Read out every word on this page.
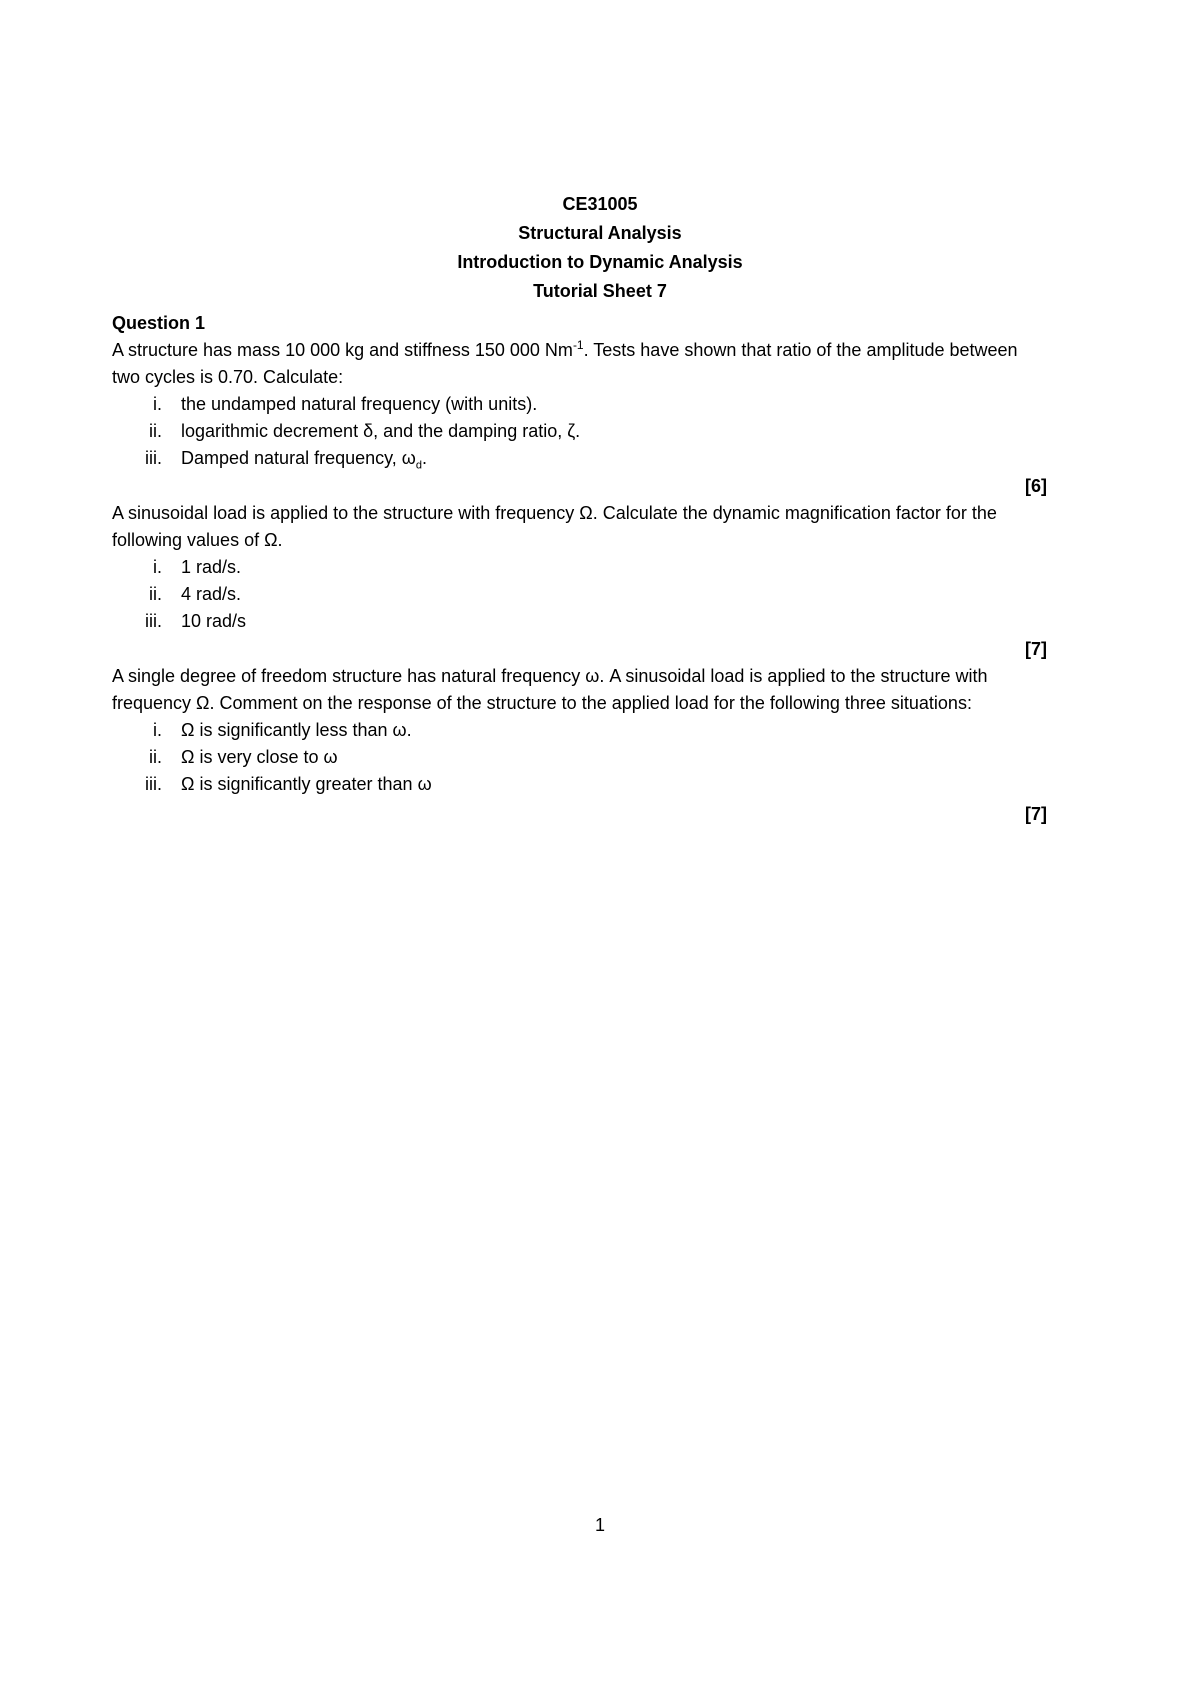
CE31005
Structural Analysis
Introduction to Dynamic Analysis
Tutorial Sheet 7
Question 1

A structure has mass 10 000 kg and stiffness 150 000 $Nm^{-1}$. Tests have shown that ratio of the amplitude between two cycles is 0.70. Calculate:

i. the undamped natural frequency (with units).
ii. logarithmic decrement δ, and the damping ratio, ζ.
iii. Damped natural frequency, $\omega_d$.
[6]

A sinusoidal load is applied to the structure with frequency Ω. Calculate the dynamic magnification factor for the following values of Ω.

i. 1 rad/s.
ii. 4 rad/s.
iii. 10 rad/s
[7]

A single degree of freedom structure has natural frequency ω. A sinusoidal load is applied to the structure with frequency Ω. Comment on the response of the structure to the applied load for the following three situations:

i. Ω is significantly less than ω.
ii. Ω is very close to ω
iii. Ω is significantly greater than ω
[7]
1
